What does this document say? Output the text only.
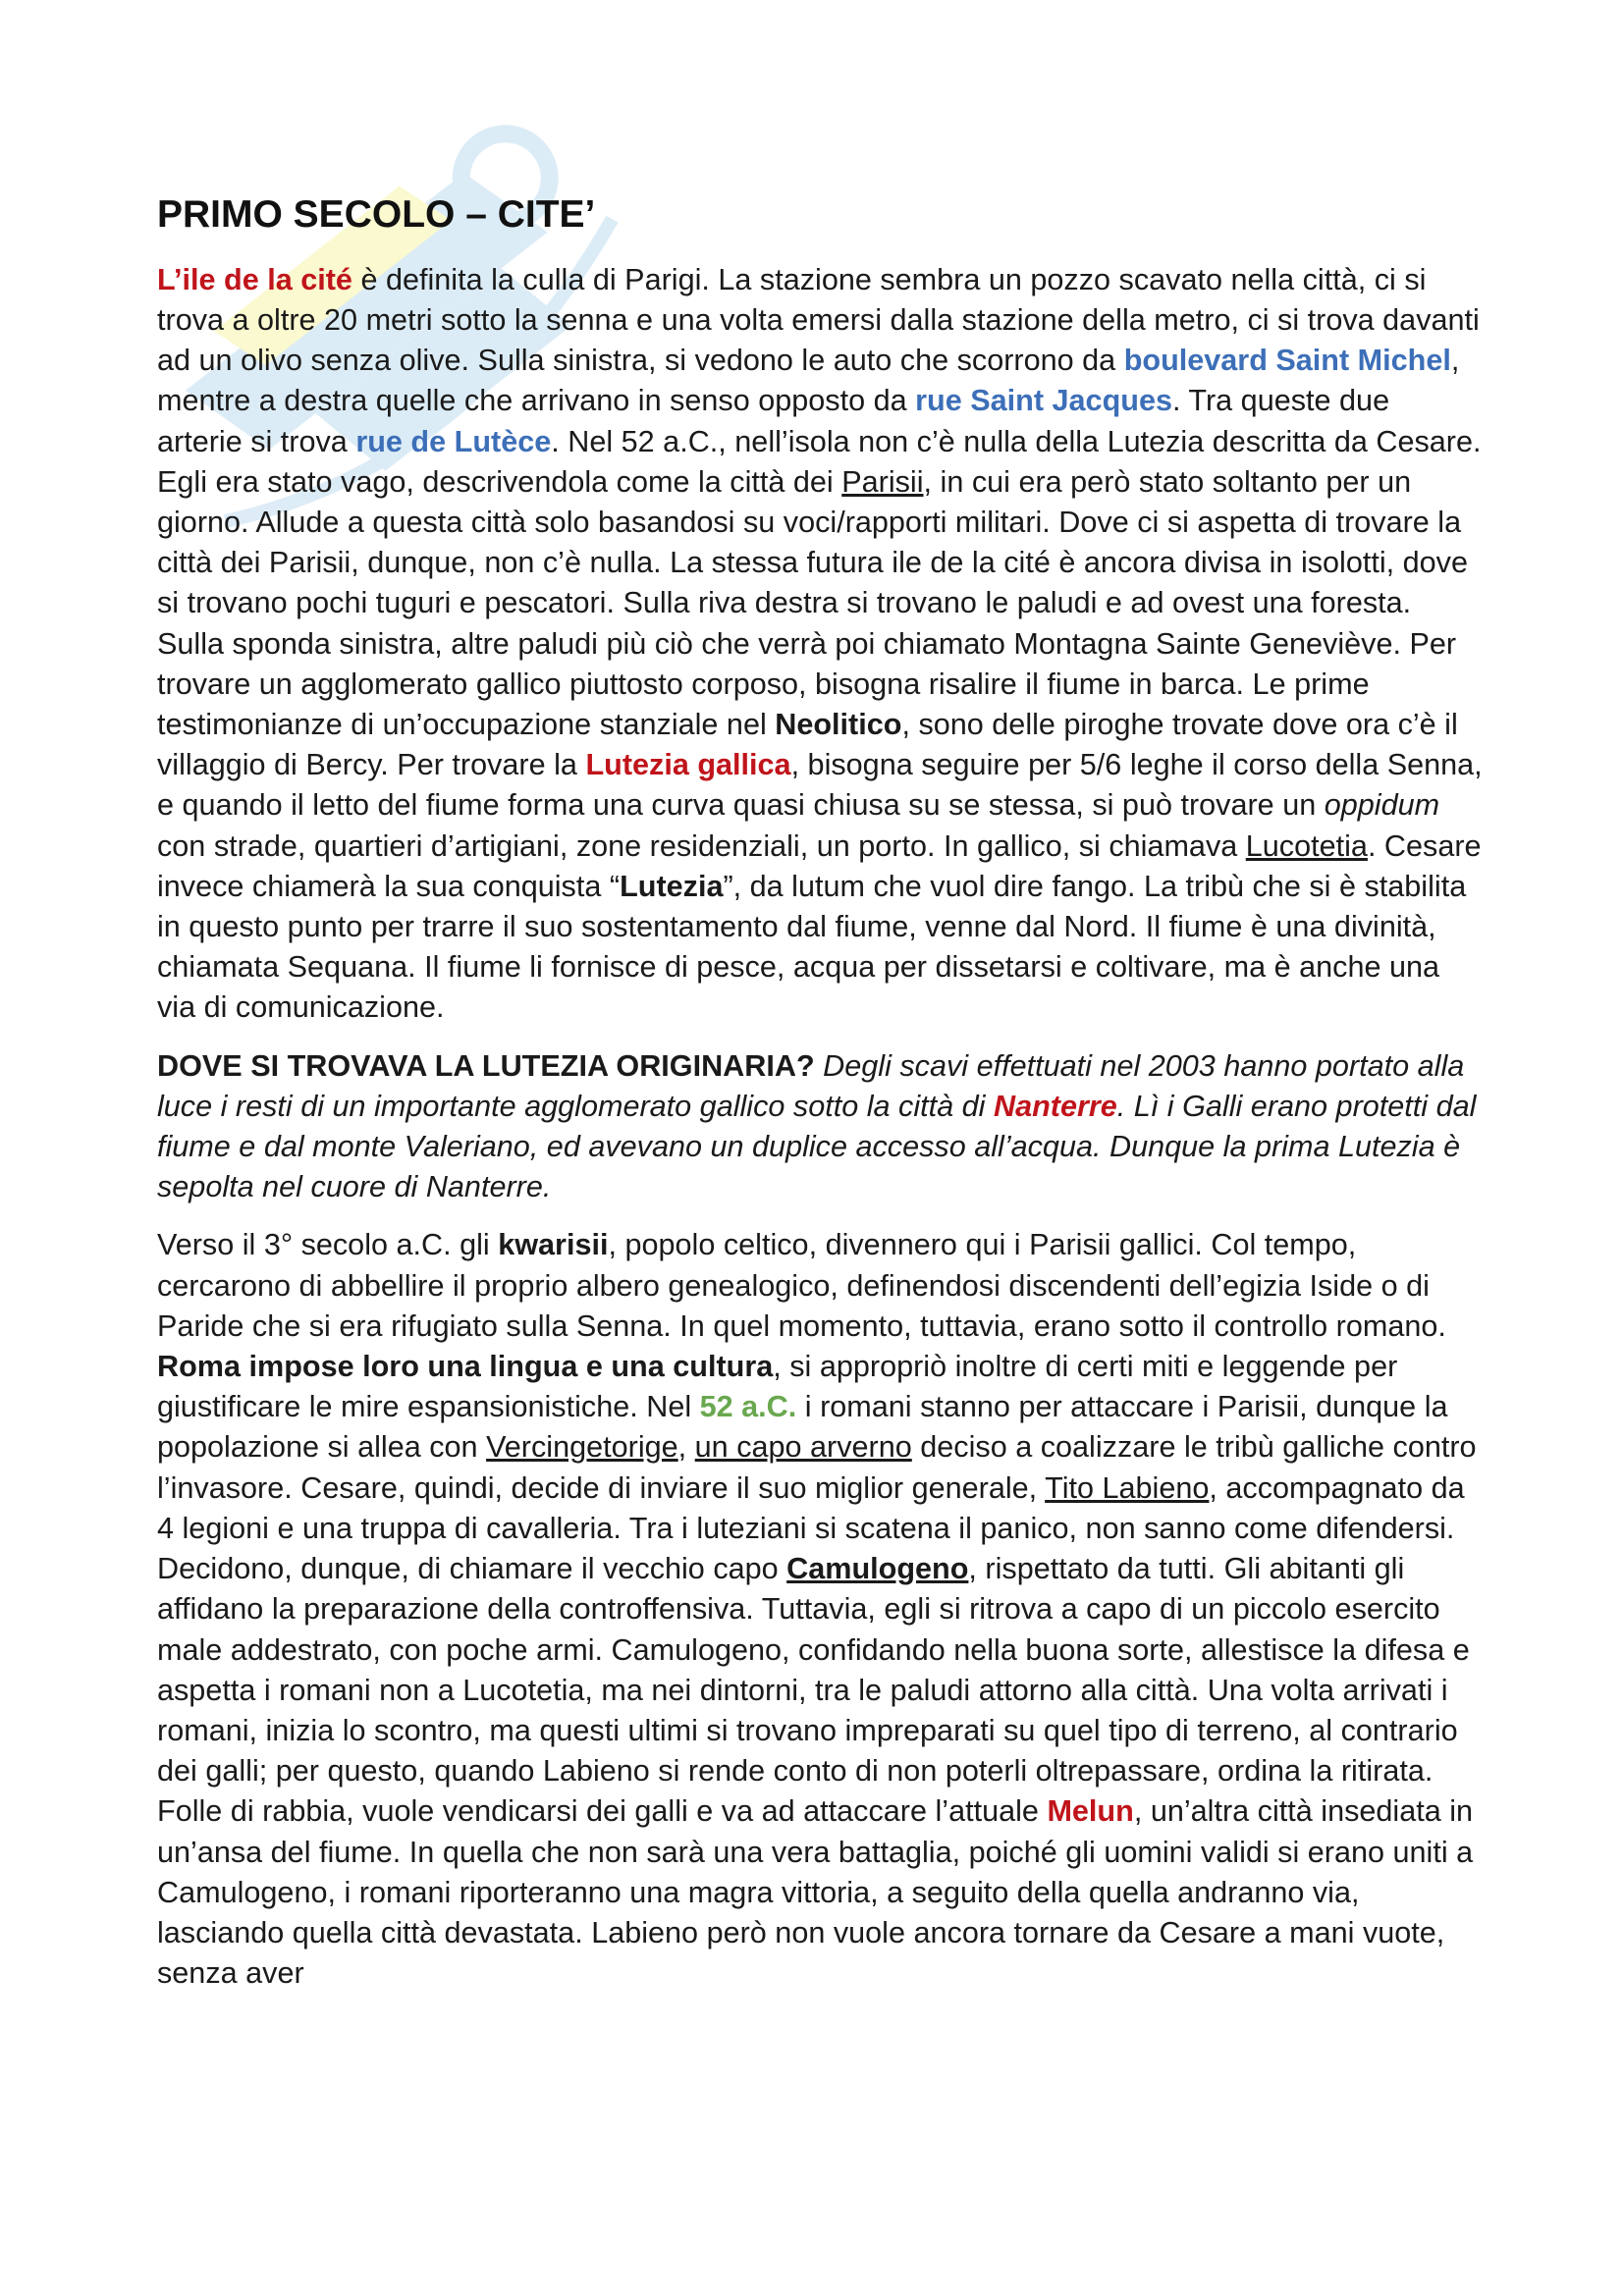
PRIMO SECOLO – CITE’

L’ile de la cité è definita la culla di Parigi. La stazione sembra un pozzo scavato nella città, ci si trova a oltre 20 metri sotto la senna e una volta emersi dalla stazione della metro, ci si trova davanti ad un olivo senza olive. Sulla sinistra, si vedono le auto che scorrono da boulevard Saint Michel, mentre a destra quelle che arrivano in senso opposto da rue Saint Jacques. Tra queste due arterie si trova rue de Lutèce. Nel 52 a.C., nell’isola non c’è nulla della Lutezia descritta da Cesare. Egli era stato vago, descrivendola come la città dei Parisii, in cui era però stato soltanto per un giorno. Allude a questa città solo basandosi su voci/rapporti militari. Dove ci si aspetta di trovare la città dei Parisii, dunque, non c’è nulla. La stessa futura ile de la cité è ancora divisa in isolotti, dove si trovano pochi tuguri e pescatori. Sulla riva destra si trovano le paludi e ad ovest una foresta. Sulla sponda sinistra, altre paludi più ciò che verrà poi chiamato Montagna Sainte Geneviève. Per trovare un agglomerato gallico piuttosto corposo, bisogna risalire il fiume in barca. Le prime testimonianze di un’occupazione stanziale nel Neolitico, sono delle piroghe trovate dove ora c’è il villaggio di Bercy. Per trovare la Lutezia gallica, bisogna seguire per 5/6 leghe il corso della Senna, e quando il letto del fiume forma una curva quasi chiusa su se stessa, si può trovare un oppidum con strade, quartieri d’artigiani, zone residenziali, un porto. In gallico, si chiamava Lucotetia. Cesare invece chiamerà la sua conquista “Lutezia”, da lutum che vuol dire fango. La tribù che si è stabilita in questo punto per trarre il suo sostentamento dal fiume, venne dal Nord. Il fiume è una divinità, chiamata Sequana. Il fiume li fornisce di pesce, acqua per dissetarsi e coltivare, ma è anche una via di comunicazione.

DOVE SI TROVAVA LA LUTEZIA ORIGINARIA? Degli scavi effettuati nel 2003 hanno portato alla luce i resti di un importante agglomerato gallico sotto la città di Nanterre. Lì i Galli erano protetti dal fiume e dal monte Valeriano, ed avevano un duplice accesso all’acqua. Dunque la prima Lutezia è sepolta nel cuore di Nanterre.

Verso il 3° secolo a.C. gli kwarisii, popolo celtico, divennero qui i Parisii gallici. Col tempo, cercarono di abbellire il proprio albero genealogico, definendosi discendenti dell’egizia Iside o di Paride che si era rifugiato sulla Senna. In quel momento, tuttavia, erano sotto il controllo romano. Roma impose loro una lingua e una cultura, si appropriò inoltre di certi miti e leggende per giustificare le mire espansionistiche. Nel 52 a.C. i romani stanno per attaccare i Parisii, dunque la popolazione si allea con Vercingetorige, un capo arverno deciso a coalizzare le tribù galliche contro l’invasore. Cesare, quindi, decide di inviare il suo miglior generale, Tito Labieno, accompagnato da 4 legioni e una truppa di cavalleria. Tra i luteziani si scatena il panico, non sanno come difendersi. Decidono, dunque, di chiamare il vecchio capo Camulogeno, rispettato da tutti. Gli abitanti gli affidano la preparazione della controffensiva. Tuttavia, egli si ritrova a capo di un piccolo esercito male addestrato, con poche armi. Camulogeno, confidando nella buona sorte, allestisce la difesa e aspetta i romani non a Lucotetia, ma nei dintorni, tra le paludi attorno alla città. Una volta arrivati i romani, inizia lo scontro, ma questi ultimi si trovano impreparati su quel tipo di terreno, al contrario dei galli; per questo, quando Labieno si rende conto di non poterli oltrepassare, ordina la ritirata. Folle di rabbia, vuole vendicarsi dei galli e va ad attaccare l’attuale Melun, un’altra città insediata in un’ansa del fiume. In quella che non sarà una vera battaglia, poiché gli uomini validi si erano uniti a Camulogeno, i romani riporteranno una magra vittoria, a seguito della quella andranno via, lasciando quella città devastata. Labieno però non vuole ancora tornare da Cesare a mani vuote, senza aver
